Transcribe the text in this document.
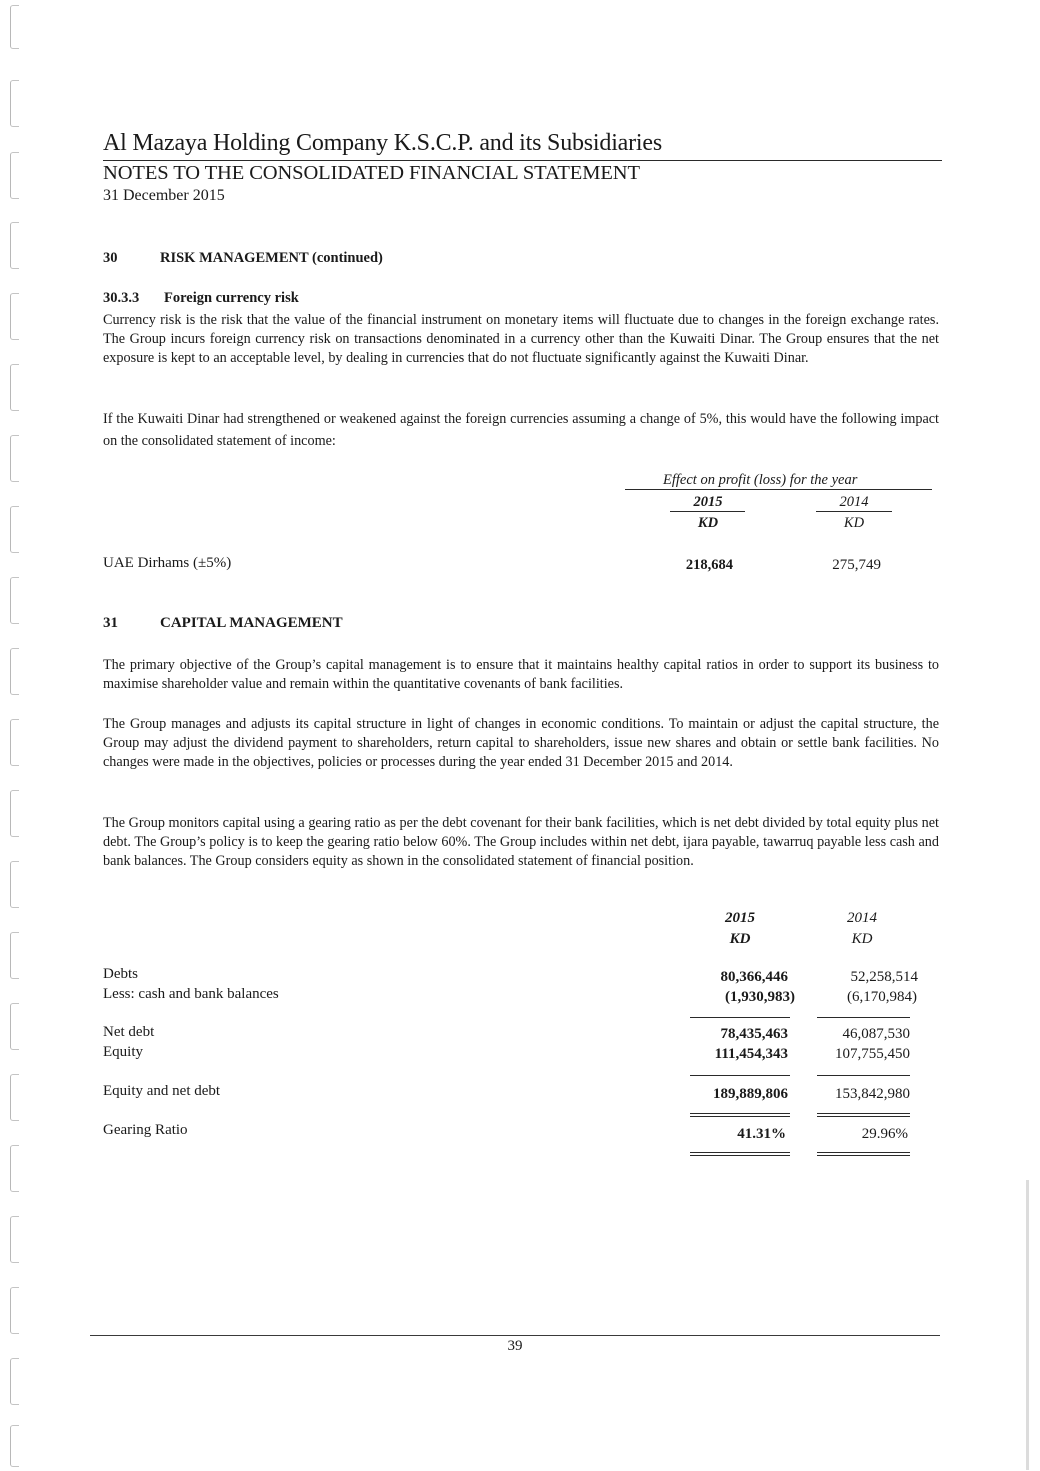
Al Mazaya Holding Company K.S.C.P. and its Subsidiaries
NOTES TO THE CONSOLIDATED FINANCIAL STATEMENT
31 December 2015
30	RISK MANAGEMENT (continued)
30.3.3 Foreign currency risk
Currency risk is the risk that the value of the financial instrument on monetary items will fluctuate due to changes in the foreign exchange rates. The Group incurs foreign currency risk on transactions denominated in a currency other than the Kuwaiti Dinar. The Group ensures that the net exposure is kept to an acceptable level, by dealing in currencies that do not fluctuate significantly against the Kuwaiti Dinar.
If the Kuwaiti Dinar had strengthened or weakened against the foreign currencies assuming a change of 5%, this would have the following impact on the consolidated statement of income:
Effect on profit (loss) for the year
2015	2014
KD	KD
UAE Dirhams (±5%)	218,684	275,749
31	CAPITAL MANAGEMENT
The primary objective of the Group’s capital management is to ensure that it maintains healthy capital ratios in order to support its business to maximise shareholder value and remain within the quantitative covenants of bank facilities.
The Group manages and adjusts its capital structure in light of changes in economic conditions. To maintain or adjust the capital structure, the Group may adjust the dividend payment to shareholders, return capital to shareholders, issue new shares and obtain or settle bank facilities. No changes were made in the objectives, policies or processes during the year ended 31 December 2015 and 2014.
The Group monitors capital using a gearing ratio as per the debt covenant for their bank facilities, which is net debt divided by total equity plus net debt. The Group’s policy is to keep the gearing ratio below 60%. The Group includes within net debt, ijara payable, tawarruq payable less cash and bank balances. The Group considers equity as shown in the consolidated statement of financial position.
2015	2014
KD	KD
Debts	80,366,446	52,258,514
Less: cash and bank balances	(1,930,983)	(6,170,984)
Net debt	78,435,463	46,087,530
Equity	111,454,343	107,755,450
Equity and net debt	189,889,806	153,842,980
Gearing Ratio	41.31%	29.96%
39
